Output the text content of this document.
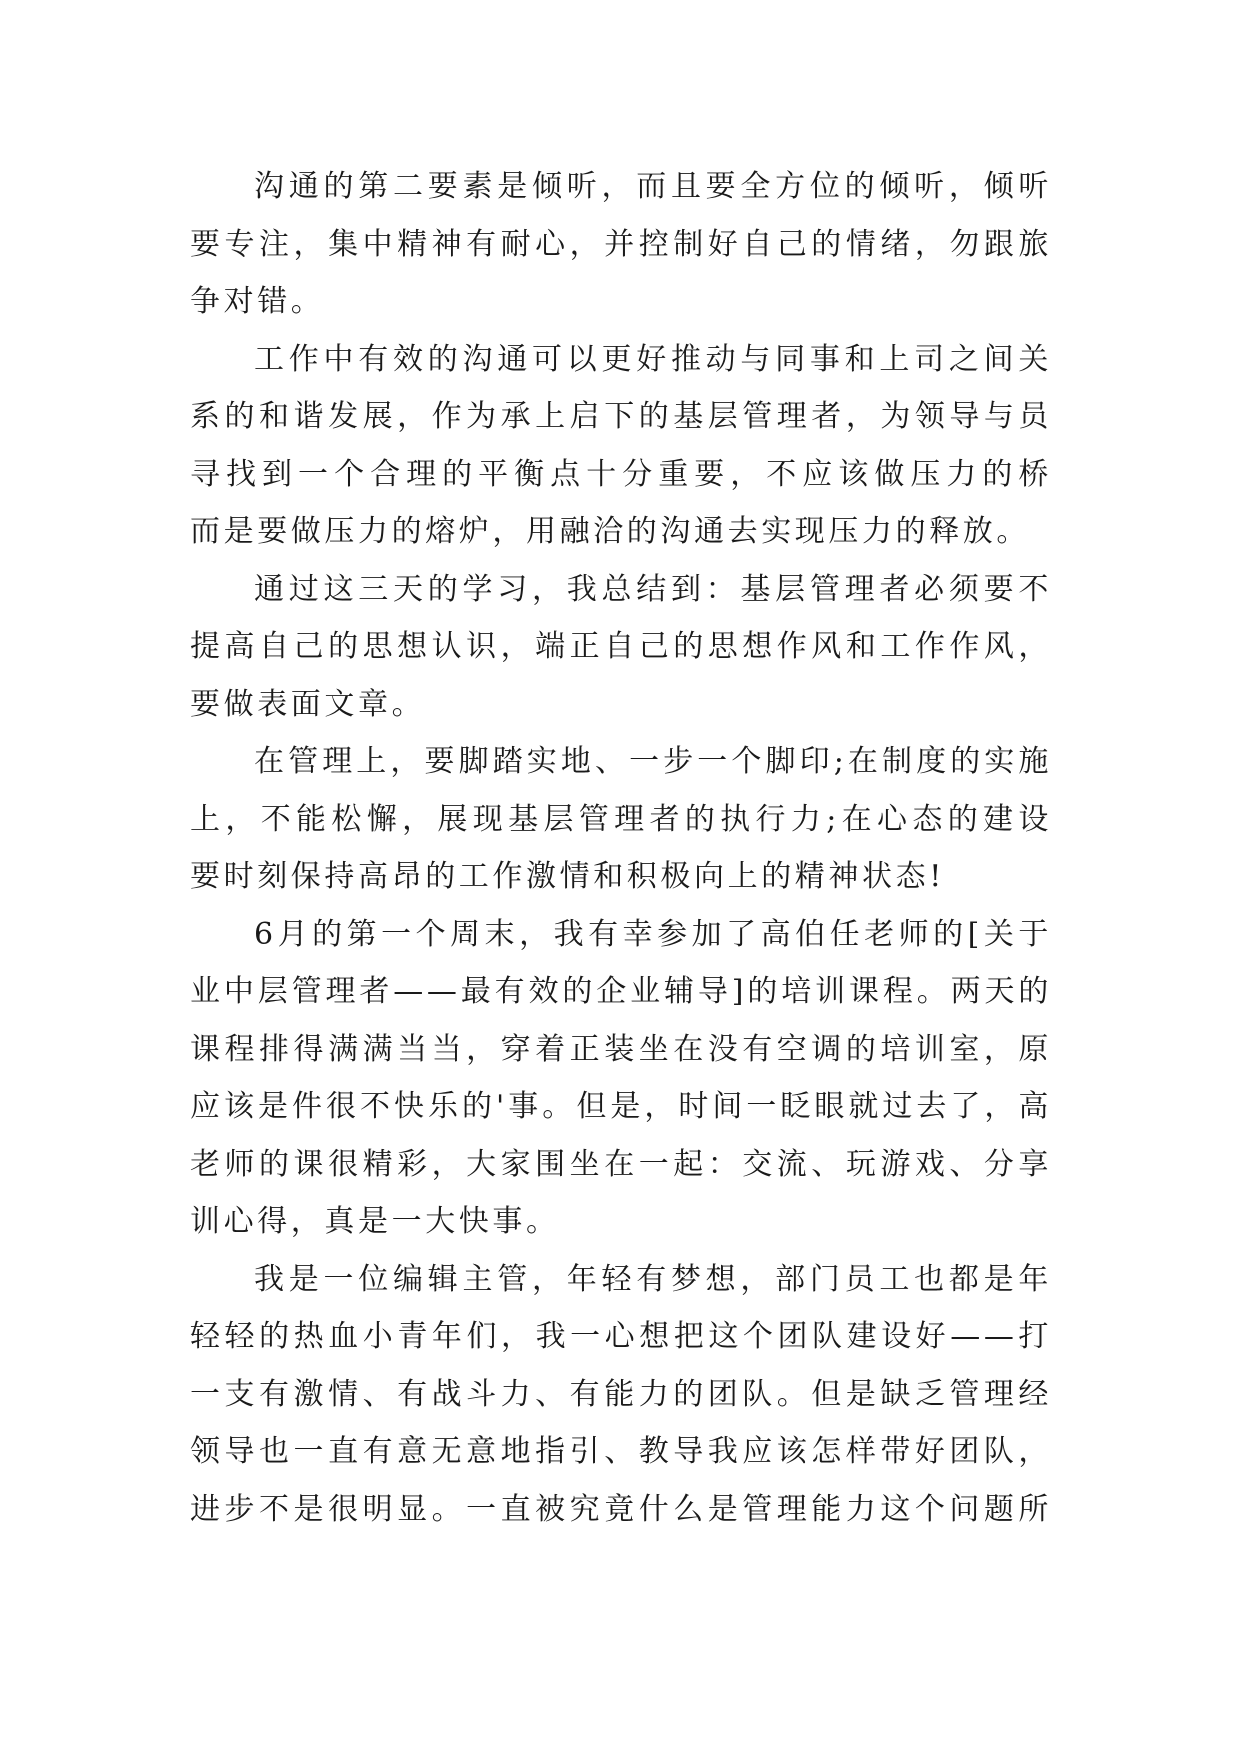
沟通的第二要素是倾听，而且要全方位的倾听，倾听
要专注，集中精神有耐心，并控制好自己的情绪，勿跟旅
争对错。
工作中有效的沟通可以更好推动与同事和上司之间关
系的和谐发展，作为承上启下的基层管理者，为领导与员
寻找到一个合理的平衡点十分重要，不应该做压力的桥
而是要做压力的熔炉，用融洽的沟通去实现压力的释放。
通过这三天的学习，我总结到：基层管理者必须要不
提高自己的思想认识，端正自己的思想作风和工作作风，
要做表面文章。
在管理上，要脚踏实地、一步一个脚印;在制度的实施
上，不能松懈，展现基层管理者的执行力;在心态的建设
要时刻保持高昂的工作激情和积极向上的精神状态!
6月的第一个周末，我有幸参加了高伯任老师的[关于
业中层管理者——最有效的企业辅导]的培训课程。两天的
课程排得满满当当，穿着正装坐在没有空调的培训室，原
应该是件很不快乐的'事。但是，时间一眨眼就过去了，高
老师的课很精彩，大家围坐在一起：交流、玩游戏、分享
训心得，真是一大快事。
我是一位编辑主管，年轻有梦想，部门员工也都是年
轻轻的热血小青年们，我一心想把这个团队建设好——打
一支有激情、有战斗力、有能力的团队。但是缺乏管理经
领导也一直有意无意地指引、教导我应该怎样带好团队，
进步不是很明显。一直被究竟什么是管理能力这个问题所
